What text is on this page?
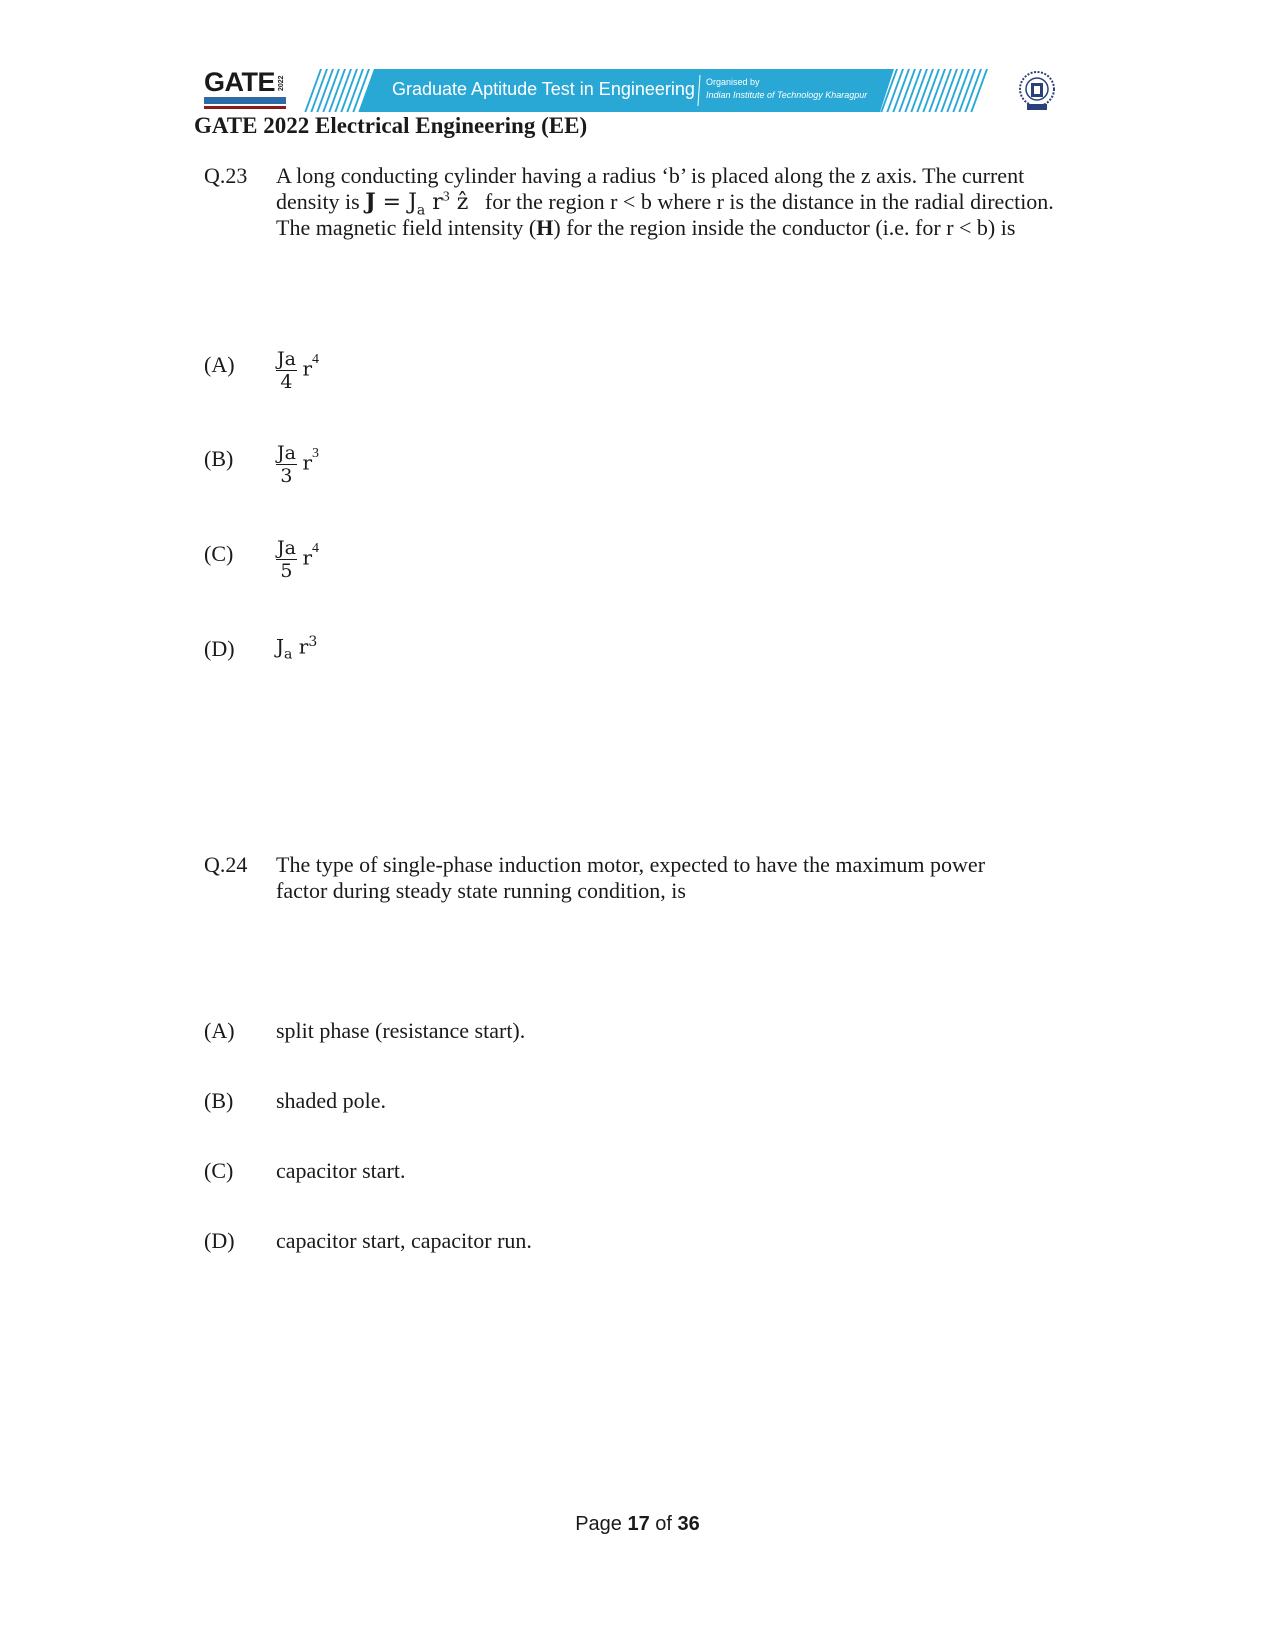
GATE 2022	Graduate Aptitude Test in Engineering Organised by
Indian Institute of Technology Kharagpur
GATE 2022 Electrical Engineering (EE)
Q.23 A long conducting cylinder having a radius ‘b’ is placed along the z axis. The current
density is $J = J_a$ $r^3$ ẑ   for the region r < b where r is the distance in the radial direction.
The magnetic field intensity (H) for the region inside the conductor (i.e. for r < b) is
$(A) \frac{Ja}{4} r^4$
$(B) \frac{Ja}{3} r^3$
$(C) \frac{Ja}{5} r^4$
(D) $J_a$ $r^3$
Q.24 The type of single-phase induction motor, expected to have the maximum power
factor during steady state running condition, is
(A) split phase (resistance start).
(B) shaded pole.
(C) capacitor start.
(D) capacitor start, capacitor run.
Page 17 of 36
